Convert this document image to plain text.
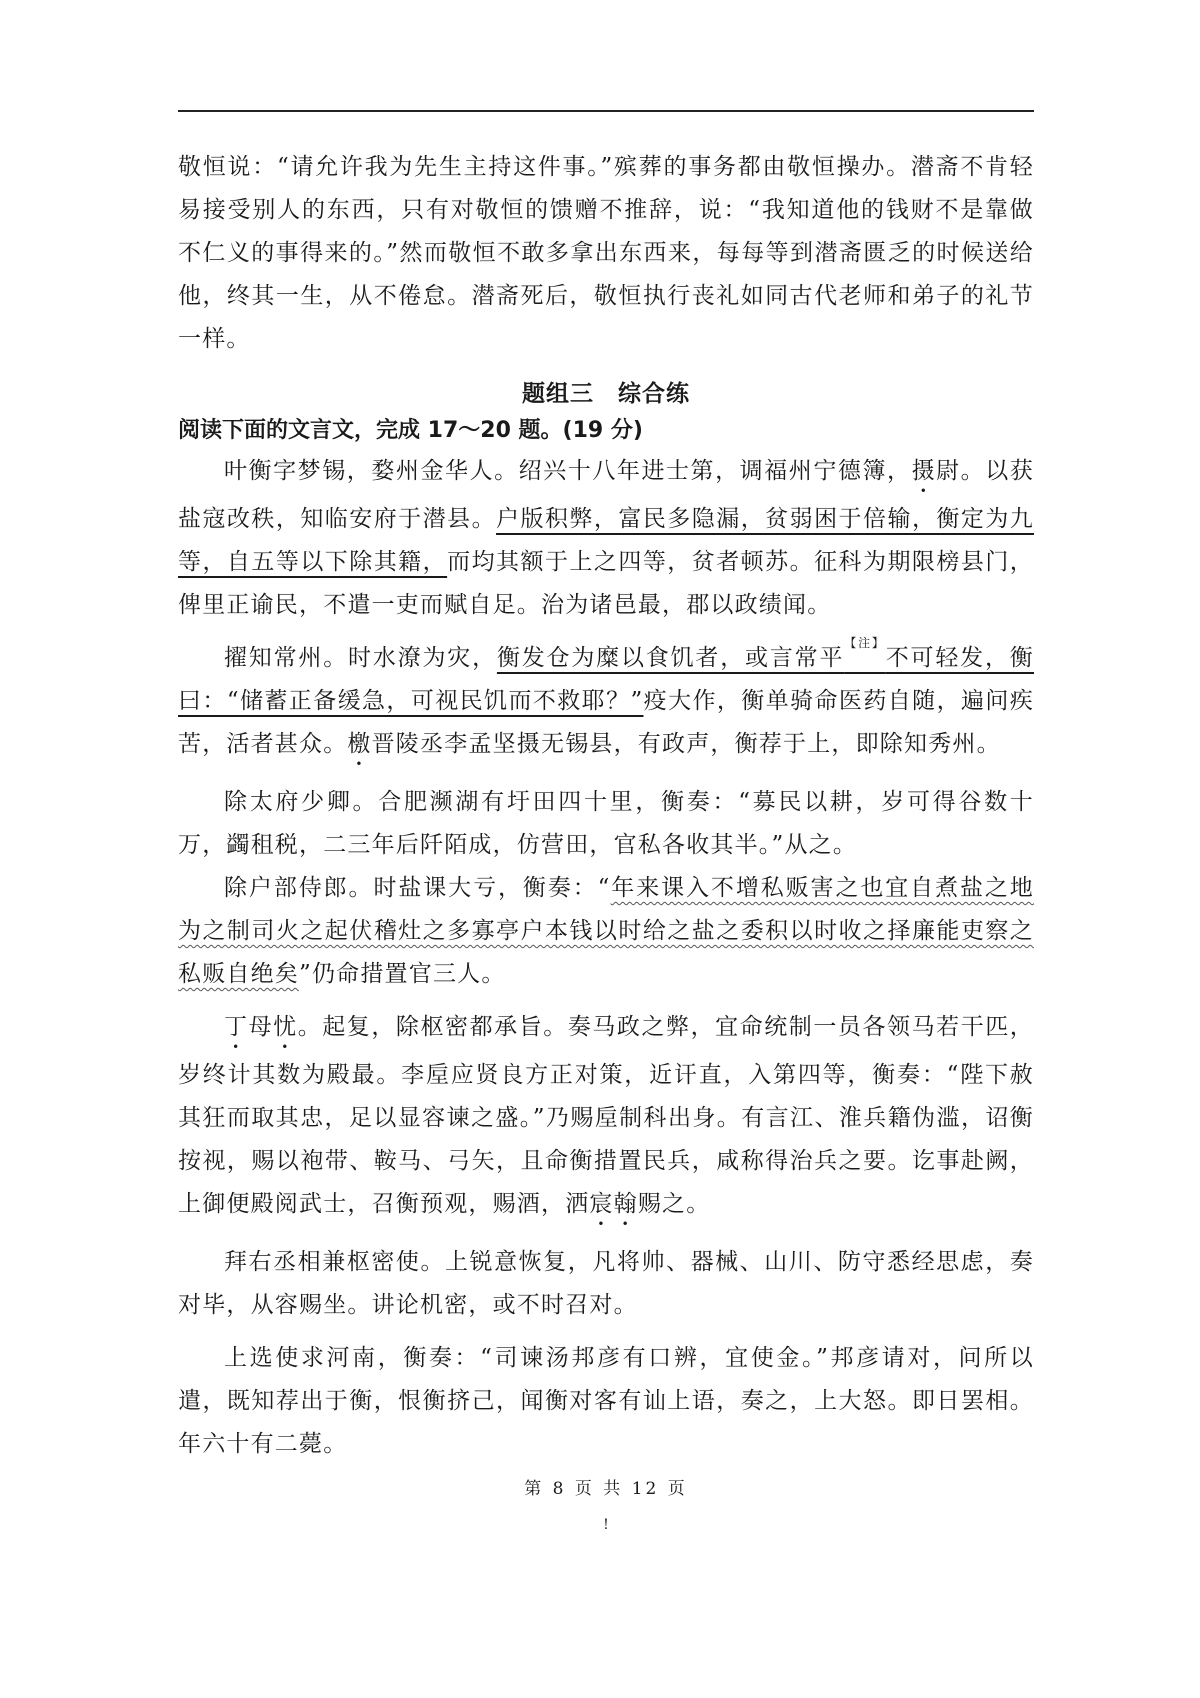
敬恒说：“请允许我为先生主持这件事。”殡葬的事务都由敬恒操办。潜斋不肯轻易接受别人的东西，只有对敬恒的馈赠不推辞，说：“我知道他的钱财不是靠做不仁义的事得来的。”然而敬恒不敢多拿出东西来，每每等到潜斋匮乏的时候送给他，终其一生，从不倦怠。潜斋死后，敬恒执行丧礼如同古代老师和弟子的礼节一样。

题组三　综合练

阅读下面的文言文，完成 17～20 题。(19 分)

叶衡字梦锡，婺州金华人。绍兴十八年进士第，调福州宁德簿，摄尉。以获盐寇改秩，知临安府于潜县。户版积弊，富民多隐漏，贫弱困于倍输，衡定为九等，自五等以下除其籍，而均其额于上之四等，贫者顿苏。征科为期限榜县门，俾里正谕民，不遣一吏而赋自足。治为诸邑最，郡以政绩闻。

擢知常州。时水潦为灾，衡发仓为糜以食饥者，或言常平$^{【注】}$不可轻发，衡曰：“储蓄正备缓急，可视民饥而不救耶？”疫大作，衡单骑命医药自随，遍问疾苦，活者甚众。檄晋陵丞李孟坚摄无锡县，有政声，衡荐于上，即除知秀州。

除太府少卿。合肥濒湖有圩田四十里，衡奏：“募民以耕，岁可得谷数十万，蠲租税，二三年后阡陌成，仿营田，官私各收其半。”从之。

除户部侍郎。时盐课大亏，衡奏：“年来课入不增私贩害之也宜自煮盐之地为之制司火之起伏稽灶之多寡亭户本钱以时给之盐之委积以时收之择廉能吏察之私贩自绝矣”仍命措置官三人。

丁母忧。起复，除枢密都承旨。奏马政之弊，宜命统制一员各领马若干匹，岁终计其数为殿最。李垕应贤良方正对策，近讦直，入第四等，衡奏：“陛下赦其狂而取其忠，足以显容谏之盛。”乃赐垕制科出身。有言江、淮兵籍伪滥，诏衡按视，赐以袍带、鞍马、弓矢，且命衡措置民兵，咸称得治兵之要。讫事赴阙，上御便殿阅武士，召衡预观，赐酒，洒宸翰赐之。

拜右丞相兼枢密使。上锐意恢复，凡将帅、器械、山川、防守悉经思虑，奏对毕，从容赐坐。讲论机密，或不时召对。

上选使求河南，衡奏：“司谏汤邦彦有口辨，宜使金。”邦彦请对，问所以遣，既知荐出于衡，恨衡挤己，闻衡对客有讪上语，奏之，上大怒。即日罢相。年六十有二薨。

第 8 页 共 12 页
!
